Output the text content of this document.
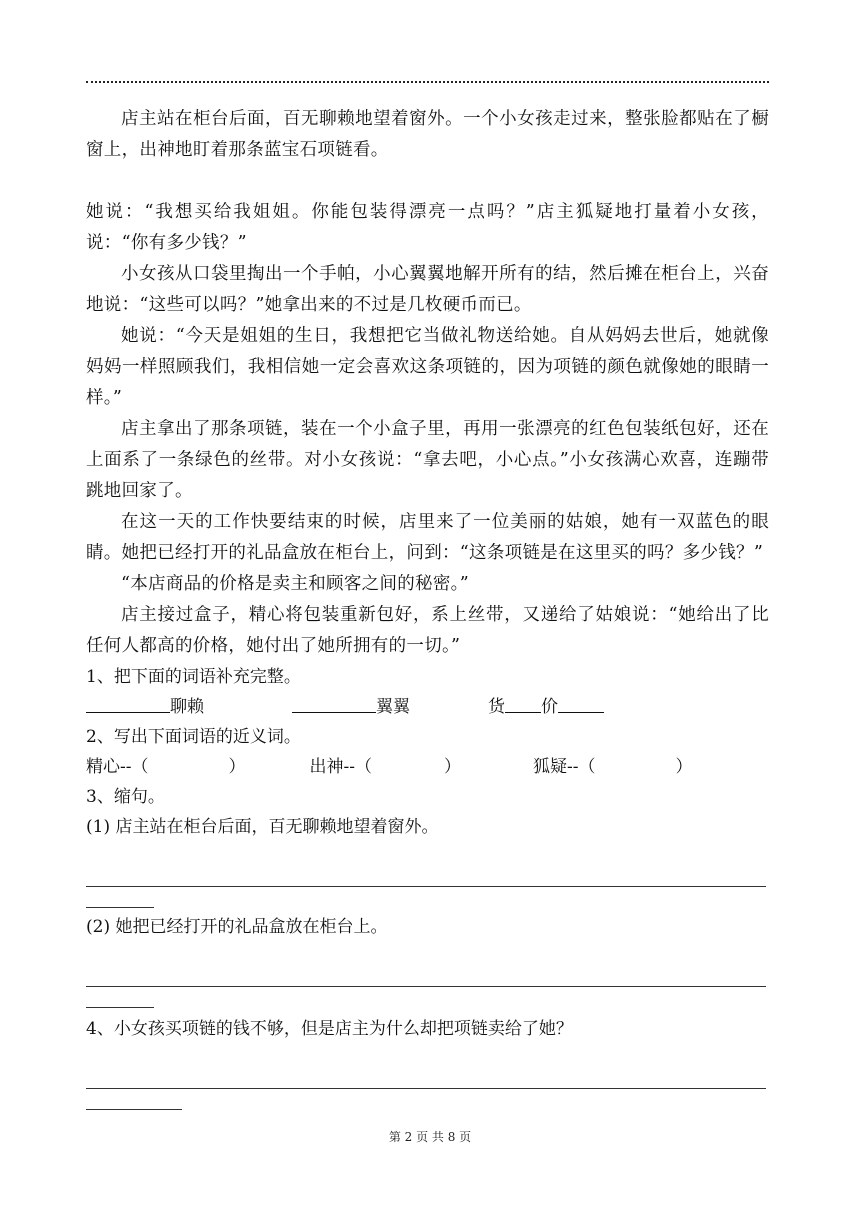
店主站在柜台后面，百无聊赖地望着窗外。一个小女孩走过来，整张脸都贴在了橱窗上，出神地盯着那条蓝宝石项链看。

她说：“我想买给我姐姐。你能包装得漂亮一点吗？”店主狐疑地打量着小女孩，说：“你有多少钱？”

小女孩从口袋里掏出一个手帕，小心翼翼地解开所有的结，然后摊在柜台上，兴奋地说：“这些可以吗？”她拿出来的不过是几枚硬币而已。

她说：“今天是姐姐的生日，我想把它当做礼物送给她。自从妈妈去世后，她就像妈妈一样照顾我们，我相信她一定会喜欢这条项链的，因为项链的颜色就像她的眼睛一样。”

店主拿出了那条项链，装在一个小盒子里，再用一张漂亮的红色包装纸包好，还在上面系了一条绿色的丝带。对小女孩说：“拿去吧，小心点。”小女孩满心欢喜，连蹦带跳地回家了。

在这一天的工作快要结束的时候，店里来了一位美丽的姑娘，她有一双蓝色的眼睛。她把已经打开的礼品盒放在柜台上，问到：“这条项链是在这里买的吗？多少钱？”

“本店商品的价格是卖主和顾客之间的秘密。”

店主接过盒子，精心将包装重新包好，系上丝带，又递给了姑娘说：“她给出了比任何人都高的价格，她付出了她所拥有的一切。”

1、把下面的词语补充完整。

聊赖	翼翼	货 价

2、写出下面词语的近义词。

精心--（	）	出神--（	）	狐疑--（	）

3、缩句。

(1) 店主站在柜台后面，百无聊赖地望着窗外。

(2) 她把已经打开的礼品盒放在柜台上。

4、小女孩买项链的钱不够，但是店主为什么却把项链卖给了她？

第 2 页 共 8 页
